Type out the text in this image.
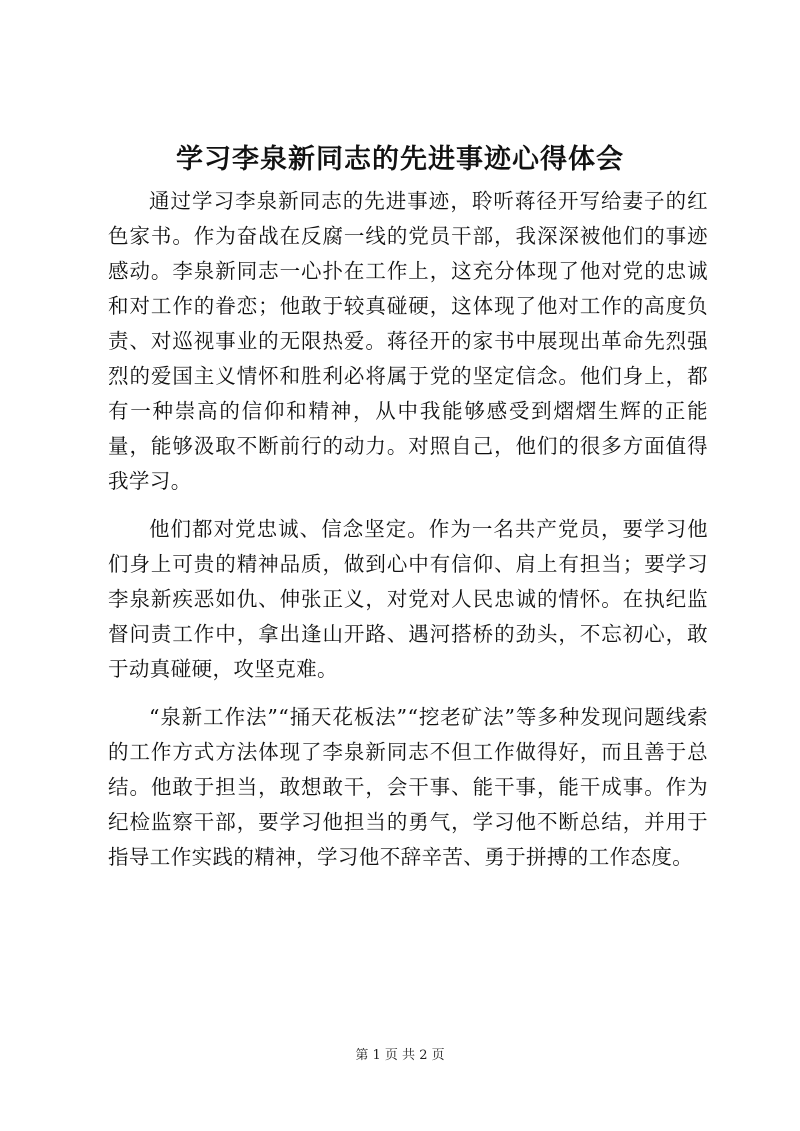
学习李泉新同志的先进事迹心得体会

通过学习李泉新同志的先进事迹，聆听蒋径开写给妻子的红色家书。作为奋战在反腐一线的党员干部，我深深被他们的事迹感动。李泉新同志一心扑在工作上，这充分体现了他对党的忠诚和对工作的眷恋；他敢于较真碰硬，这体现了他对工作的高度负责、对巡视事业的无限热爱。蒋径开的家书中展现出革命先烈强烈的爱国主义情怀和胜利必将属于党的坚定信念。他们身上，都有一种崇高的信仰和精神，从中我能够感受到熠熠生辉的正能量，能够汲取不断前行的动力。对照自己，他们的很多方面值得我学习。

他们都对党忠诚、信念坚定。作为一名共产党员，要学习他们身上可贵的精神品质，做到心中有信仰、肩上有担当；要学习李泉新疾恶如仇、伸张正义，对党对人民忠诚的情怀。在执纪监督问责工作中，拿出逢山开路、遇河搭桥的劲头，不忘初心，敢于动真碰硬，攻坚克难。

“泉新工作法”“捅天花板法”“挖老矿法”等多种发现问题线索的工作方式方法体现了李泉新同志不但工作做得好，而且善于总结。他敢于担当，敢想敢干，会干事、能干事，能干成事。作为纪检监察干部，要学习他担当的勇气，学习他不断总结，并用于指导工作实践的精神，学习他不辞辛苦、勇于拼搏的工作态度。

第 1 页 共 2 页
